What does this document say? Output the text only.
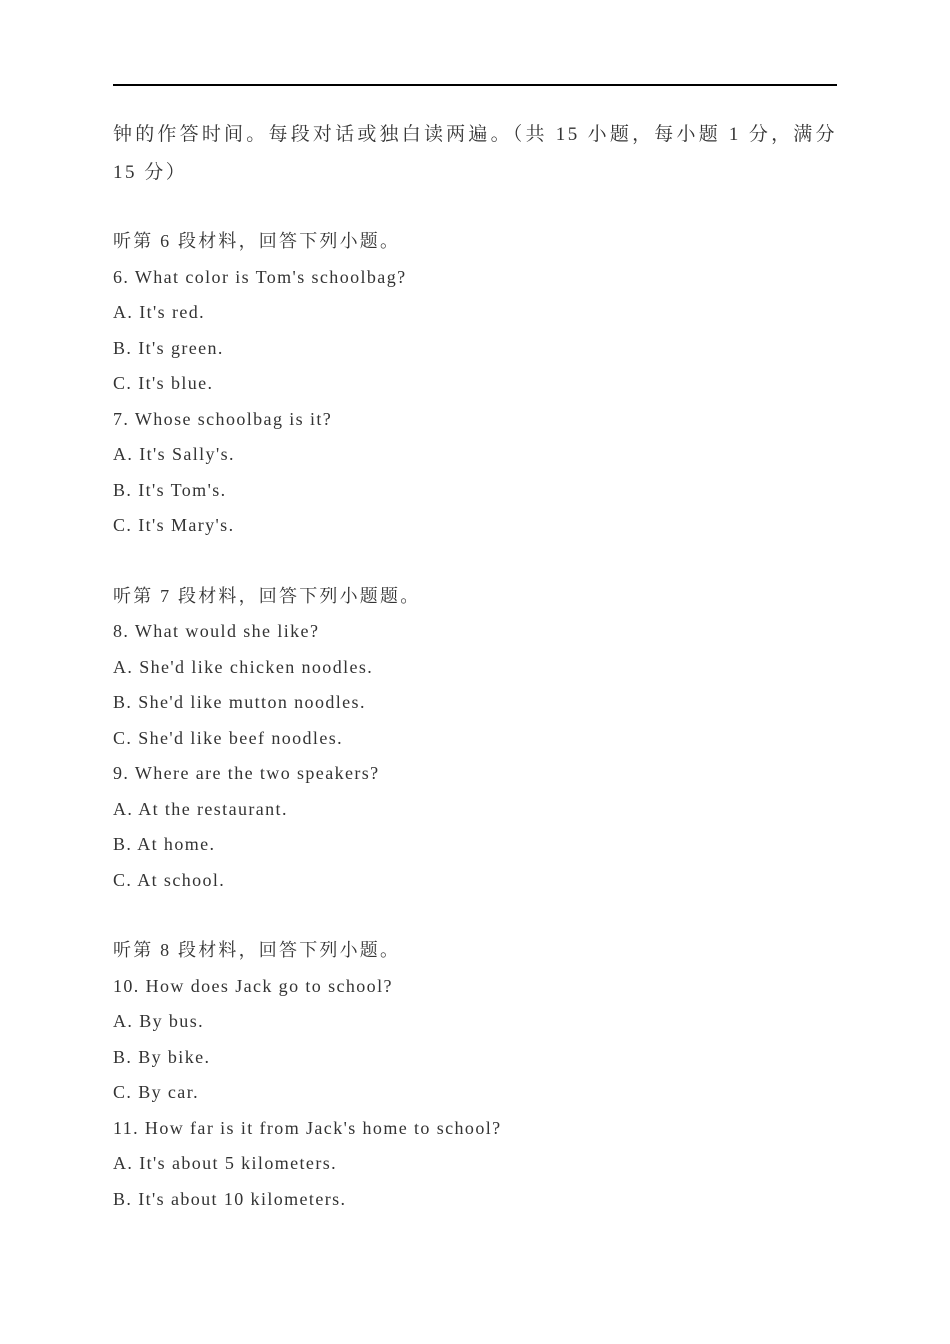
钟的作答时间。每段对话或独白读两遍。（共 15 小题，每小题 1 分，满分 15 分）

听第 6 段材料，回答下列小题。
6. What color is Tom's schoolbag?
A. It's red.
B. It's green.
C. It's blue.
7. Whose schoolbag is it?
A. It's Sally's.
B. It's Tom's.
C. It's Mary's.
听第 7 段材料，回答下列小题题。
8. What would she like?
A. She'd like chicken noodles.
B. She'd like mutton noodles.
C. She'd like beef noodles.
9. Where are the two speakers?
A. At the restaurant.
B. At home.
C. At school.
听第 8 段材料，回答下列小题。
10. How does Jack go to school?
A. By bus.
B. By bike.
C. By car.
11. How far is it from Jack's home to school?
A. It's about 5 kilometers.
B. It's about 10 kilometers.
